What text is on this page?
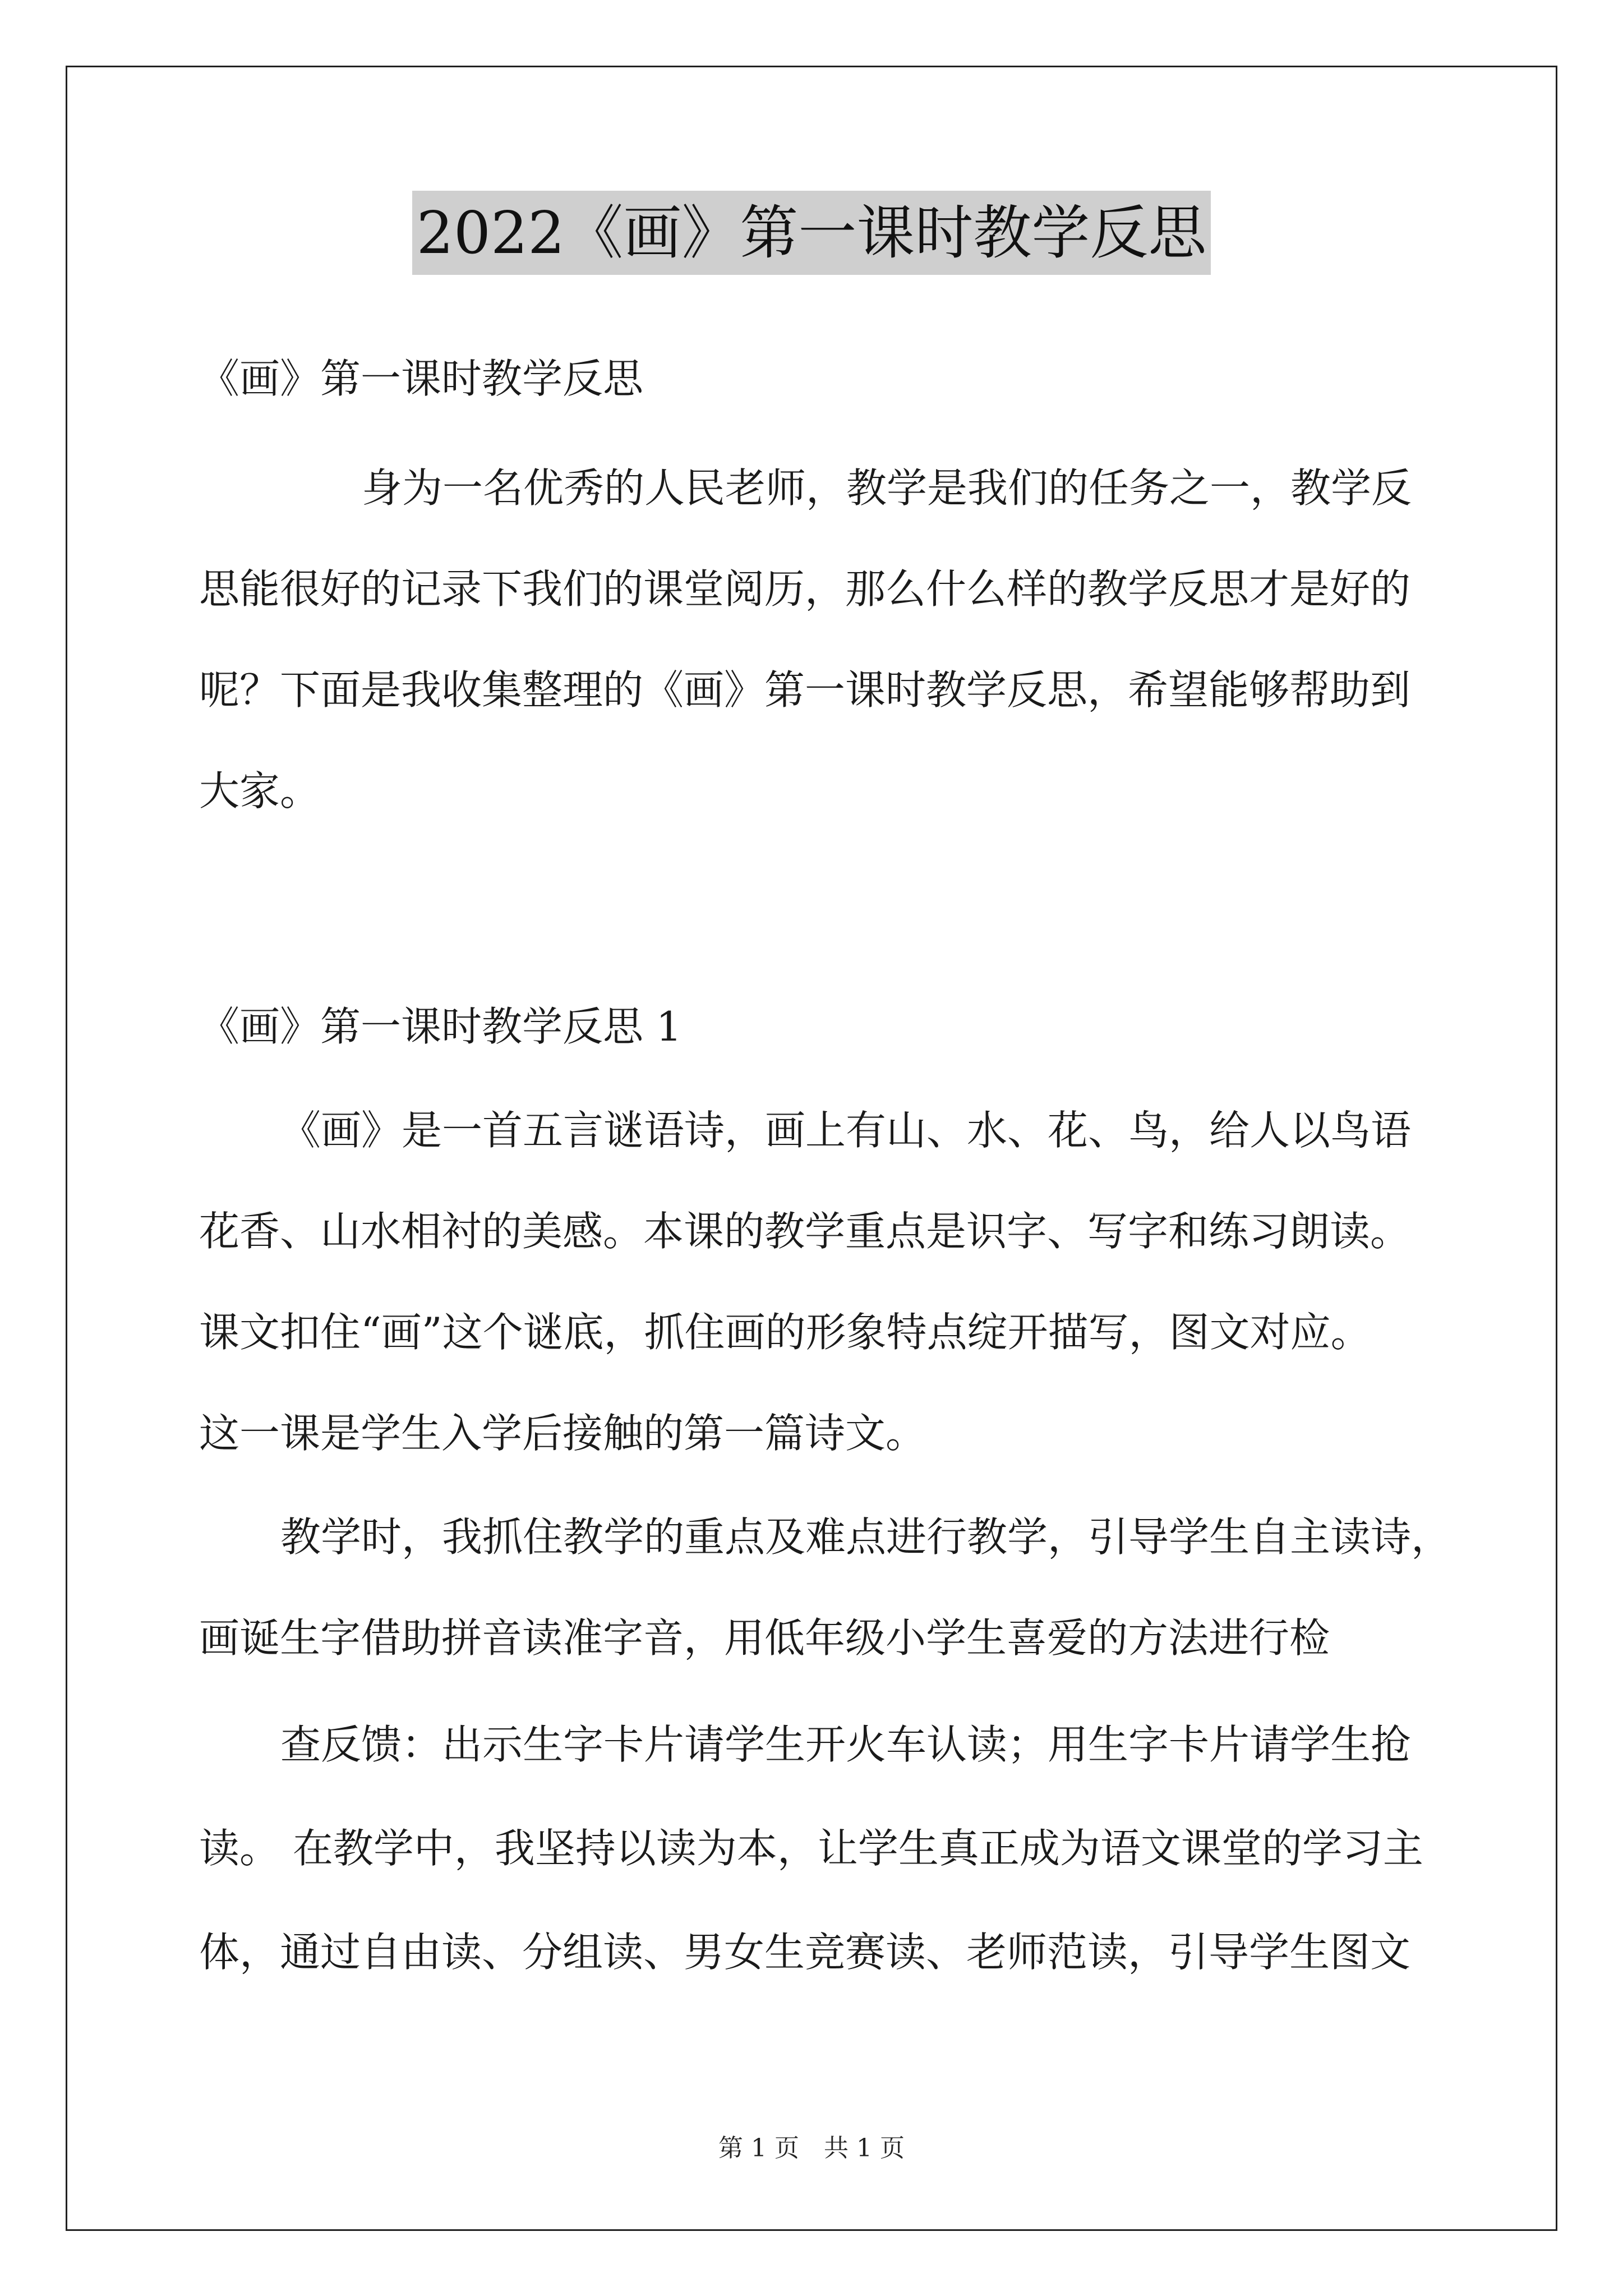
2022《画》第一课时教学反思
《画》第一课时教学反思
身为一名优秀的人民老师，教学是我们的任务之一，教学反
思能很好的记录下我们的课堂阅历，那么什么样的教学反思才是好的
呢？下面是我收集整理的《画》第一课时教学反思，希望能够帮助到
大家。
《画》第一课时教学反思 1
《画》是一首五言谜语诗，画上有山、水、花、鸟，给人以鸟语
花香、山水相衬的美感。本课的教学重点是识字、写字和练习朗读。
课文扣住“画”这个谜底，抓住画的形象特点绽开描写，图文对应。
这一课是学生入学后接触的第一篇诗文。
教学时，我抓住教学的重点及难点进行教学，引导学生自主读诗，
画诞生字借助拼音读准字音，用低年级小学生喜爱的方法进行检
查反馈：出示生字卡片请学生开火车认读；用生字卡片请学生抢
读。 在教学中，我坚持以读为本，让学生真正成为语文课堂的学习主
体，通过自由读、分组读、男女生竞赛读、老师范读，引导学生图文
第 1 页　共 1 页
